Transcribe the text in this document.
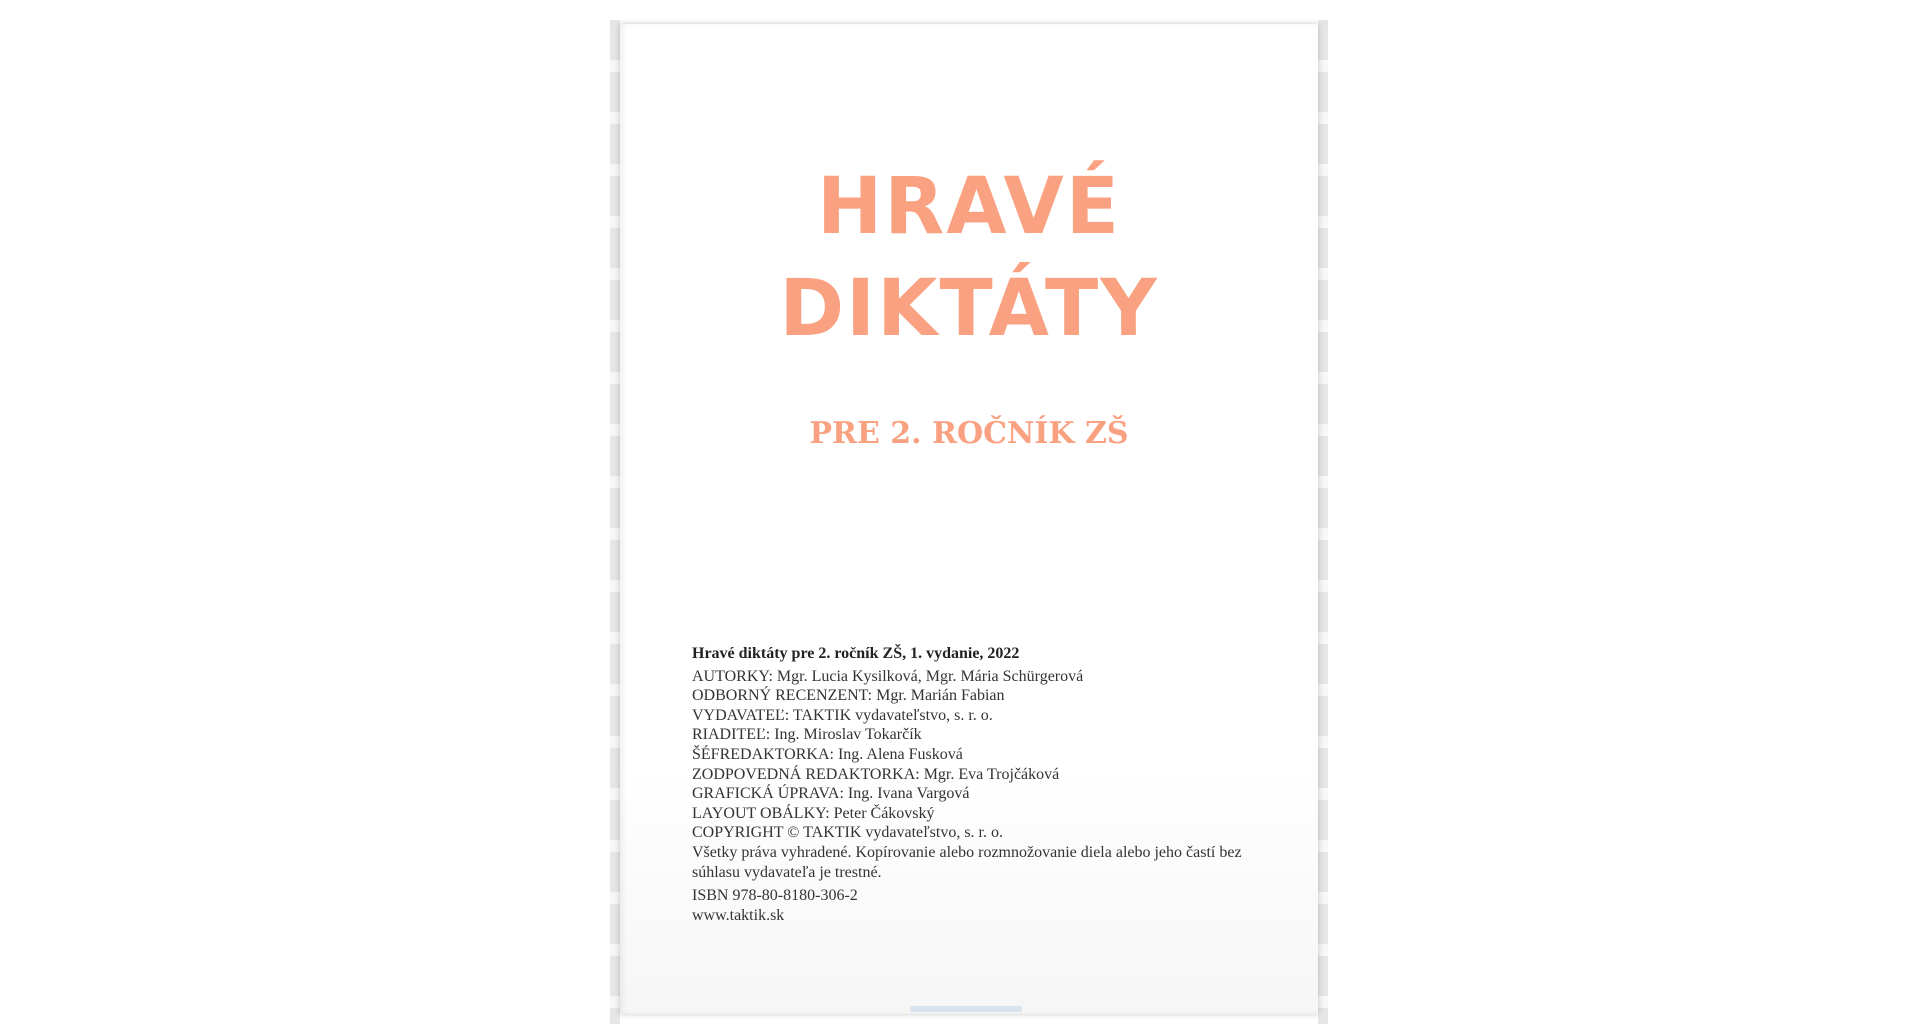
HRAVÉ
DIKTÁTY
PRE 2. ROČNÍK ZŠ
Hravé diktáty pre 2. ročník ZŠ, 1. vydanie, 2022
AUTORKY: Mgr. Lucia Kysilková, Mgr. Mária Schürgerová
ODBORNÝ RECENZENT: Mgr. Marián Fabian
VYDAVATEĽ: TAKTIK vydavateľstvo, s. r. o.
RIADITEĽ: Ing. Miroslav Tokarčík
ŠÉFREDAKTORKA: Ing. Alena Fusková
ZODPOVEDNÁ REDAKTORKA: Mgr. Eva Trojčáková
GRAFICKÁ ÚPRAVA: Ing. Ivana Vargová
LAYOUT OBÁLKY: Peter Čákovský
COPYRIGHT © TAKTIK vydavateľstvo, s. r. o.
Všetky práva vyhradené. Kopírovanie alebo rozmnožovanie diela alebo jeho častí bez súhlasu vydavateľa je trestné.
ISBN 978-80-8180-306-2
www.taktik.sk
